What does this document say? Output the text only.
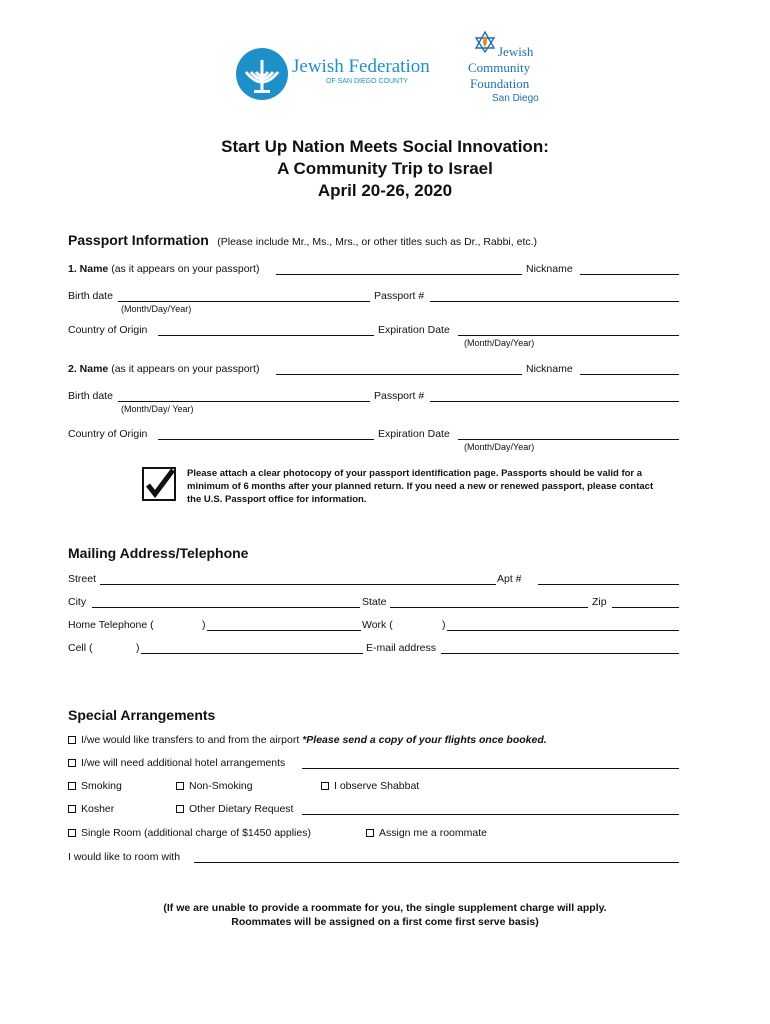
Jewish Federation
OF SAN DIEGO COUNTY
Jewish
Community
Foundation
San Diego
Start Up Nation Meets Social Innovation:
A Community Trip to Israel
April 20-26, 2020
Passport Information (Please include Mr., Ms., Mrs., or other titles such as Dr., Rabbi, etc.)
1. Name (as it appears on your passport)	Nickname
Birth date	Passport #
(Month/Day/Year)
Country of Origin	Expiration Date
(Month/Day/Year)
2. Name (as it appears on your passport)	Nickname
Birth date	Passport #
(Month/Day/ Year)
Country of Origin	Expiration Date
(Month/Day/Year)
Please attach a clear photocopy of your passport identification page. Passports should be valid for a
minimum of 6 months after your planned return. If you need a new or renewed passport, please contact
the U.S. Passport office for information.
Mailing Address/Telephone
Street	Apt #
City	State	Zip
Home Telephone (	)	Work (	)
Cell (	)	E-mail address
Special Arrangements
I/we would like transfers to and from the airport *Please send a copy of your flights once booked.
I/we will need additional hotel arrangements
Smoking	Non-Smoking	I observe Shabbat
Kosher	Other Dietary Request
Single Room (additional charge of $1450 applies)	Assign me a roommate
I would like to room with
(If we are unable to provide a roommate for you, the single supplement charge will apply.
Roommates will be assigned on a first come first serve basis)
